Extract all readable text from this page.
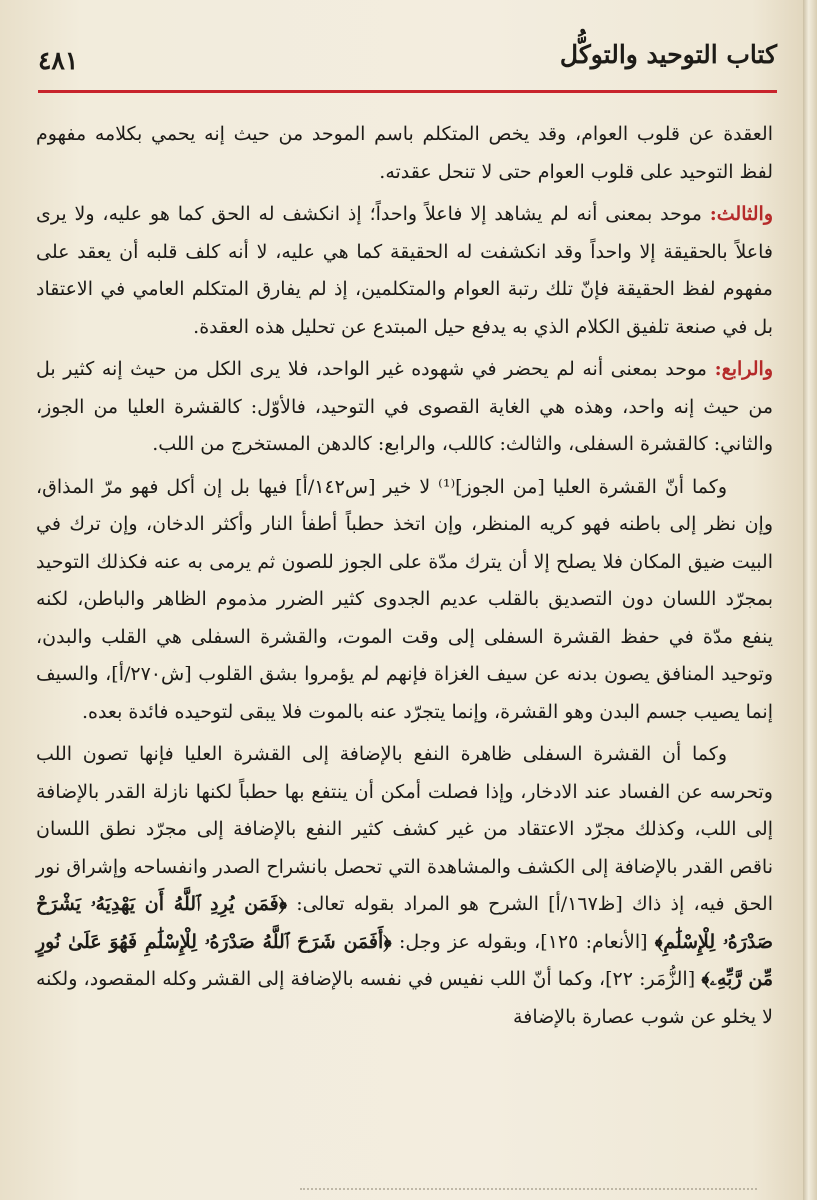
كتاب التوحيد والتوكُّل
٤٨١

العقدة عن قلوب العوام، وقد يخص المتكلم باسم الموحد من حيث إنه يحمي بكلامه مفهوم لفظ التوحيد على قلوب العوام حتى لا تنحل عقدته.

والثالث: موحد بمعنى أنه لم يشاهد إلا فاعلاً واحداً؛ إذ انكشف له الحق كما هو عليه، ولا يرى فاعلاً بالحقيقة إلا واحداً وقد انكشفت له الحقيقة كما هي عليه، لا أنه كلف قلبه أن يعقد على مفهوم لفظ الحقيقة فإنّ تلك رتبة العوام والمتكلمين، إذ لم يفارق المتكلم العامي في الاعتقاد بل في صنعة تلفيق الكلام الذي به يدفع حيل المبتدع عن تحليل هذه العقدة.

والرابع: موحد بمعنى أنه لم يحضر في شهوده غير الواحد، فلا يرى الكل من حيث إنه كثير بل من حيث إنه واحد، وهذه هي الغاية القصوى في التوحيد، فالأوّل: كالقشرة العليا من الجوز، والثاني: كالقشرة السفلى، والثالث: كاللب، والرابع: كالدهن المستخرج من اللب.

وكما أنّ القشرة العليا [من الجوز]⁽¹⁾ لا خير [س١٤٢/أ] فيها بل إن أكل فهو مرّ المذاق، وإن نظر إلى باطنه فهو كريه المنظر، وإن اتخذ حطباً أطفأ النار وأكثر الدخان، وإن ترك في البيت ضيق المكان فلا يصلح إلا أن يترك مدّة على الجوز للصون ثم يرمى به عنه فكذلك التوحيد بمجرّد اللسان دون التصديق بالقلب عديم الجدوى كثير الضرر مذموم الظاهر والباطن، لكنه ينفع مدّة في حفظ القشرة السفلى إلى وقت الموت، والقشرة السفلى هي القلب والبدن، وتوحيد المنافق يصون بدنه عن سيف الغزاة فإنهم لم يؤمروا بشق القلوب [ش٢٧٠/أ]، والسيف إنما يصيب جسم البدن وهو القشرة، وإنما يتجرّد عنه بالموت فلا يبقى لتوحيده فائدة بعده.

وكما أن القشرة السفلى ظاهرة النفع بالإضافة إلى القشرة العليا فإنها تصون اللب وتحرسه عن الفساد عند الادخار، وإذا فصلت أمكن أن ينتفع بها حطباً لكنها نازلة القدر بالإضافة إلى اللب، وكذلك مجرّد الاعتقاد من غير كشف كثير النفع بالإضافة إلى مجرّد نطق اللسان ناقص القدر بالإضافة إلى الكشف والمشاهدة التي تحصل بانشراح الصدر وانفساحه وإشراق نور الحق فيه، إذ ذاك [ظ١٦٧/أ] الشرح هو المراد بقوله تعالى: ﴿فَمَن يُرِدِ ٱللَّهُ أَن يَهْدِيَهُۥ يَشْرَحْ صَدْرَهُۥ لِلْإِسْلَٰمِ﴾ [الأنعام: ١٢٥]، وبقوله عز وجل: ﴿أَفَمَن شَرَحَ ٱللَّهُ صَدْرَهُۥ لِلْإِسْلَٰمِ فَهُوَ عَلَىٰ نُورٍ مِّن رَّبِّهِۦ﴾ [الزُّمَر: ٢٢]، وكما أنّ اللب نفيس في نفسه بالإضافة إلى القشر وكله المقصود، ولكنه لا يخلو عن شوب عصارة بالإضافة
